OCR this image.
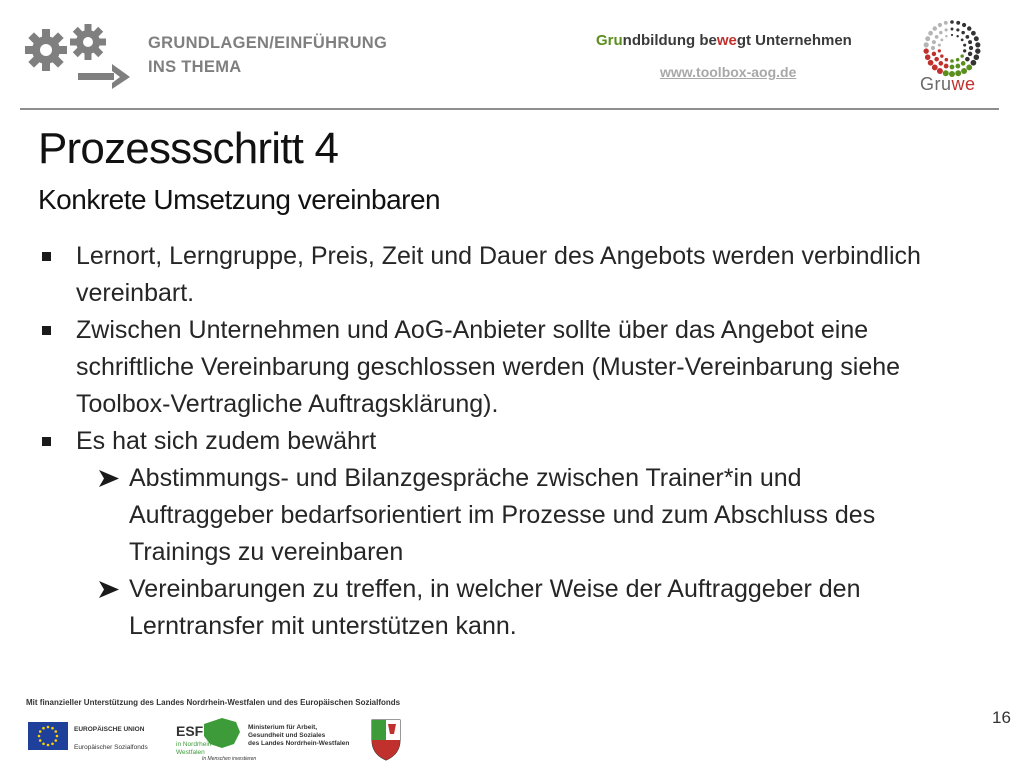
GRUNDLAGEN/EINFÜHRUNG
INS THEMA
Grundbildung bewegt Unternehmen
www.toolbox-aog.de
Gruwe
Prozessschritt 4
Konkrete Umsetzung vereinbaren
Lernort, Lerngruppe, Preis, Zeit und Dauer des Angebots werden verbindlich vereinbart.
Zwischen Unternehmen und AoG-Anbieter sollte über das Angebot eine schriftliche Vereinbarung geschlossen werden (Muster-Vereinbarung siehe Toolbox-Vertragliche Auftragsklärung).
Es hat sich zudem bewährt
Abstimmungs- und Bilanzgespräche zwischen Trainer*in und Auftraggeber bedarfsorientiert im Prozesse und zum Abschluss des Trainings zu vereinbaren
Vereinbarungen zu treffen, in welcher Weise der Auftraggeber den Lerntransfer mit unterstützen kann.
Mit finanzieller Unterstützung des Landes Nordrhein-Westfalen und des Europäischen Sozialfonds
EUROPÄISCHE UNION
Europäischer Sozialfonds
ESF
in Nordrhein-
Westfalen
In Menschen investieren
Ministerium für Arbeit,
Gesundheit und Soziales
des Landes Nordrhein-Westfalen
16
